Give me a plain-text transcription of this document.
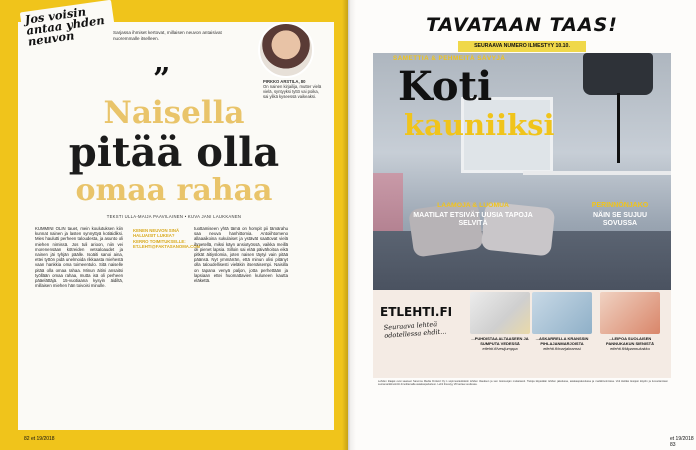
Jos voisin antaa yhden neuvon	Sarjassa ihmiset kertovat, millaisen neuvon antaisivat nuoremmalle itselleen.
PIRKKO ARSTILA, 80
On nainen kirjailija, mutter vielä vielä, syntyyksi tyttö vai poika, sai ylikä kyseessä vaikeaksi.
”
Naisella
pitää olla
omaa rahaa
TEKSTI ULLA-MAIJA PAAVILAINEN • KUVA JANI LAUKKANEN
KUMMINI OLIN tauet, mein koulutuksen kiin kunnat nainen ja lasten synnyttyä kotiäidiksi. Mies haulutti perheen taloudesta, ja asunto oli miehen nimissä. Jos tuli arioon, niin vei morenensäan kötreiden vetsaloaudet ja nainen jäi tyhjän päälle. Isoäiti sanoi aina, ettei tyttön pidä unelmoida rikkaasta miehestä vaan hankkia oma toimeentulo. Sitä naiselle pitää olla omaa rahaa. Minun äitini ansaitsi työllään omaa rahaa, mutta isä oli perheen pääelättäjä. 15-vuotiaana kysyin äidiltä, millaisen miehen hän toivoisi minulle.
KENEN NEUVON SINÄ HALUAISIT LUKEA? KERRO TOIMITUKSELLE: ET.LEHTI@FAKTASANOMA.COM
tuottamiseen yhtä tämä on hompit pii tämärahu saa neuva hanhittomia. Antoiihtomeno allaaaikoina sukulaiset ja ystävät saattovat vielä ihmetellä, miksi käyn ansiotyössä, vaikka meillä oli pienet lapsia. Silloin sai elää päivähoitoa eikä pitkät äitiyslomia, joten naisen täytyi vain pitää päänsä. Nyt ymmärrän, että minun olisi pitänyt olla taloudellisesti vieläkin itsenäisempi. Naisilla on tapana venyä paljon, jotta perhettään ja lapsiaan ettei huomattavien kuluneen kautta eläkettä.
82 et 19/2018
TAVATAAN TAAS!
SEURAAVA NUMERO ILMESTYY 10.10.
SAMETTIA & PEHMEITÄ SÄVYJÄ
Koti
kauniiksi
LAAMOJA & LUOMUA
MAATILAT ETSIVÄT UUSIA TAPOJA SELVITÄ
PERINNÖNJAKO
NÄIN SE SUJUU SOVUSSA
ETLEHTI.FI
Seuraava lehteä odotellessa ehdit...	...PUHDISTAA ALTAASEEN JA SUMPUTA VEDESSÄ
etlehti.fi/vesijumppa
...ASKARRELLA KRANSSIN PIHLAJANMARJOISTA
etlehti.fi/marjakranssi
...LEIPOA SUOLAISEN PANNUKAKUN SIENISTÄ
etlehti.fi/täpannukakku
Lehden tilaajat ovat saaneet Sanoma Media Finland Oy:n sopimustiedoksiin lehden tilauksen ja sen tietosuojan mukaisesti. Tietoja käytetään lehden jakelussa, asiakaspalvelussa ja markkinoinnissa. Voit kieltää tietojesi käytön ja luovuttamisen suoramarkkinointiin ilmoittamalla asiakaspalveluun. Lehti ilmestyy 26 kertaa vuodessa.
et 19/2018 83
